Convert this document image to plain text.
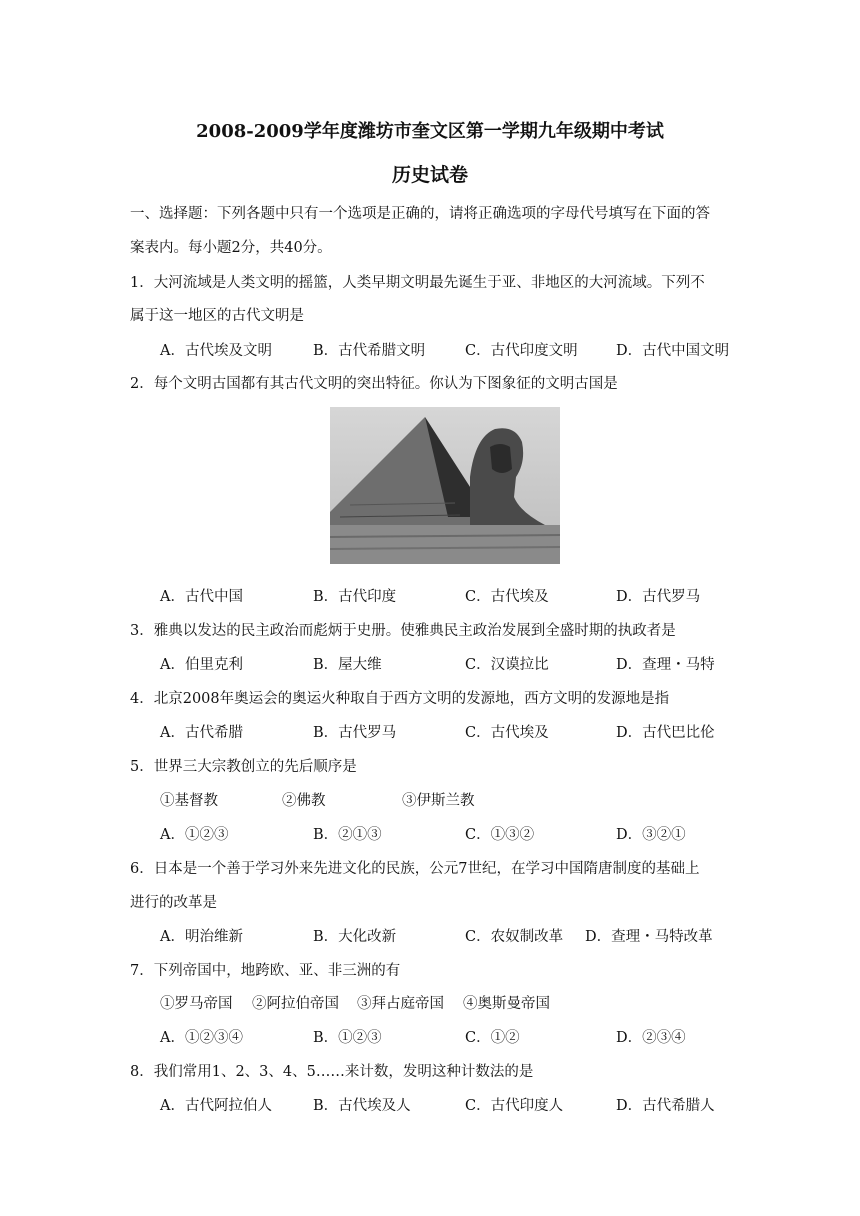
2008-2009学年度潍坊市奎文区第一学期九年级期中考试
历史试卷
一、选择题：下列各题中只有一个选项是正确的，请将正确选项的字母代号填写在下面的答
案表内。每小题2分，共40分。
1．大河流域是人类文明的摇篮，人类早期文明最先诞生于亚、非地区的大河流域。下列不
属于这一地区的古代文明是
A．古代埃及文明	B．古代希腊文明	C．古代印度文明	D．古代中国文明
2．每个文明古国都有其古代文明的突出特征。你认为下图象征的文明古国是
A．古代中国	B．古代印度	C．古代埃及	D．古代罗马
3．雅典以发达的民主政治而彪炳于史册。使雅典民主政治发展到全盛时期的执政者是
A．伯里克利	B．屋大维	C．汉谟拉比	D．查理・马特
4．北京2008年奥运会的奥运火种取自于西方文明的发源地，西方文明的发源地是指
A．古代希腊	B．古代罗马	C．古代埃及	D．古代巴比伦
5．世界三大宗教创立的先后顺序是
①基督教	②佛教	③伊斯兰教
A．①②③	B．②①③	C．①③②	D．③②①
6．日本是一个善于学习外来先进文化的民族，公元7世纪，在学习中国隋唐制度的基础上
进行的改革是
A．明治维新	B．大化改新	C．农奴制改革 D．查理・马特改革
7．下列帝国中，地跨欧、亚、非三洲的有
①罗马帝国 ②阿拉伯帝国 ③拜占庭帝国 ④奥斯曼帝国
A．①②③④	B．①②③	C．①②	D．②③④
8．我们常用1、2、3、4、5……来计数，发明这种计数法的是
A．古代阿拉伯人	B．古代埃及人	C．古代印度人	D．古代希腊人
